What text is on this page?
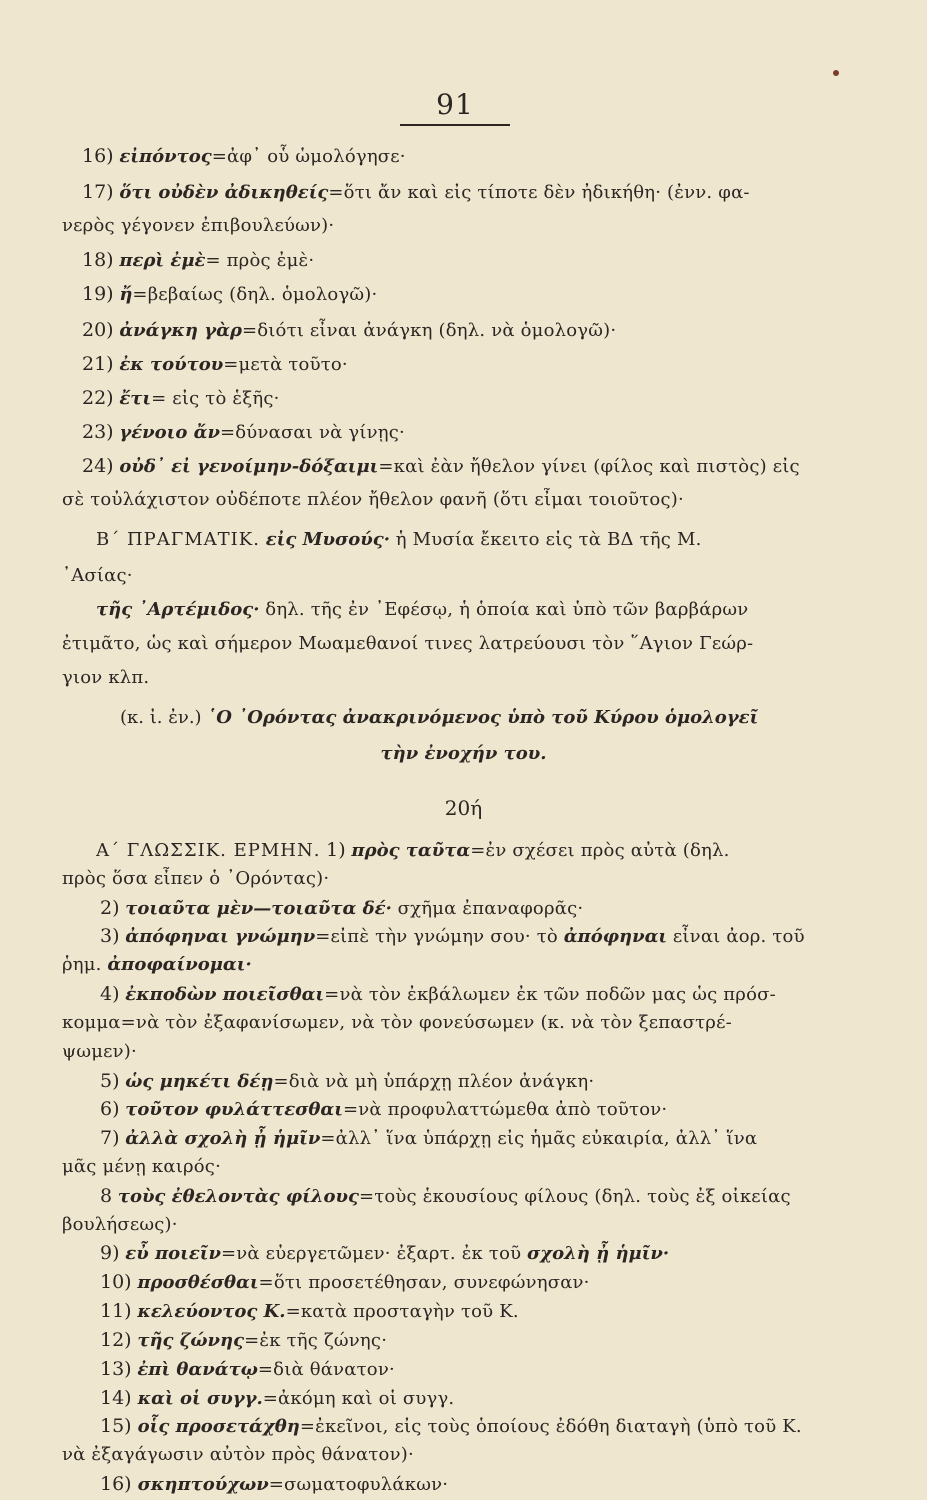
91
16) εἰπόντος=ἀφ᾽ οὗ ὡμολόγησε·
17) ὅτι οὐδὲν ἀδικηθείς=ὅτι ἄν καὶ εἰς τίποτε δὲν ἠδικήθη· (ἐνν. φα-
νερὸς γέγονεν ἐπιβουλεύων)·
18) περὶ ἐμὲ= πρὸς ἐμὲ·
19) ἤ=βεβαίως (δηλ. ὁμολογῶ)·
20) ἀνάγκη γὰρ=διότι εἶναι ἀνάγκη (δηλ. νὰ ὁμολογῶ)·
21) ἐκ τούτου=μετὰ τοῦτο·
22) ἔτι= εἰς τὸ ἑξῆς·
23) γένοιο ἄν=δύνασαι νὰ γίνῃς·
24) οὐδ᾽ εἰ γενοίμην-δόξαιμι=καὶ ἐὰν ἤθελον γίνει (φίλος καὶ πιστὸς) εἰς
σὲ τοὐλάχιστον οὐδέποτε πλέον ἤθελον φανῆ (ὅτι εἶμαι τοιοῦτος)·
Β΄ ΠΡΑΓΜΑΤΙΚ. εἰς Μυσούς· ἡ Μυσία ἔκειτο εἰς τὰ ΒΔ τῆς Μ.
᾽Ασίας·
τῆς ᾽Αρτέμιδος· δηλ. τῆς ἐν ᾽Εφέσῳ, ἡ ὁποία καὶ ὑπὸ τῶν βαρβάρων
ἐτιμᾶτο, ὡς καὶ σήμερον Μωαμεθανοί τινες λατρεύουσι τὸν ῞Αγιον Γεώρ-
γιον κλπ.
(κ. ἰ. ἐν.) ῾Ο ᾽Ορόντας ἀνακρινόμενος ὑπὸ τοῦ Κύρου ὁμολογεῖ
τὴν ἐνοχήν του.
20ή
Α΄ ΓΛΩΣΣΙΚ. ΕΡΜΗΝ. 1) πρὸς ταῦτα=ἐν σχέσει πρὸς αὐτὰ (δηλ.
πρὸς ὅσα εἶπεν ὁ ᾽Ορόντας)·
2) τοιαῦτα μὲν—τοιαῦτα δέ· σχῆμα ἐπαναφορᾶς·
3) ἀπόφηναι γνώμην=εἰπὲ τὴν γνώμην σου· τὸ ἀπόφηναι εἶναι ἀορ. τοῦ
ῥημ. ἀποφαίνομαι·
4) ἐκποδὼν ποιεῖσθαι=νὰ τὸν ἐκβάλωμεν ἐκ τῶν ποδῶν μας ὡς πρόσ-
κομμα=νὰ τὸν ἐξαφανίσωμεν, νὰ τὸν φονεύσωμεν (κ. νὰ τὸν ξεπαστρέ-
ψωμεν)·
5) ὡς μηκέτι δέῃ=διὰ νὰ μὴ ὑπάρχῃ πλέον ἀνάγκη·
6) τοῦτον φυλάττεσθαι=νὰ προφυλαττώμεθα ἀπὸ τοῦτον·
7) ἀλλὰ σχολὴ ᾖ ἡμῖν=ἀλλ᾽ ἵνα ὑπάρχῃ εἰς ἡμᾶς εὐκαιρία, ἀλλ᾽ ἵνα
μᾶς μένῃ καιρός·
8 τοὺς ἐθελοντὰς φίλους=τοὺς ἑκουσίους φίλους (δηλ. τοὺς ἐξ οἰκείας
βουλήσεως)·
9) εὖ ποιεῖν=νὰ εὐεργετῶμεν· ἐξαρτ. ἐκ τοῦ σχολὴ ᾖ ἡμῖν·
10) προσθέσθαι=ὅτι προσετέθησαν, συνεφώνησαν·
11) κελεύοντος Κ.=κατὰ προσταγὴν τοῦ Κ.
12) τῆς ζώνης=ἐκ τῆς ζώνης·
13) ἐπὶ θανάτῳ=διὰ θάνατον·
14) καὶ οἱ συγγ.=ἀκόμη καὶ οἱ συγγ.
15) οἷς προσετάχθη=ἐκεῖνοι, εἰς τοὺς ὁποίους ἐδόθη διαταγὴ (ὑπὸ τοῦ Κ.
νὰ ἐξαγάγωσιν αὐτὸν πρὸς θάνατον)·
16) σκηπτούχων=σωματοφυλάκων·
